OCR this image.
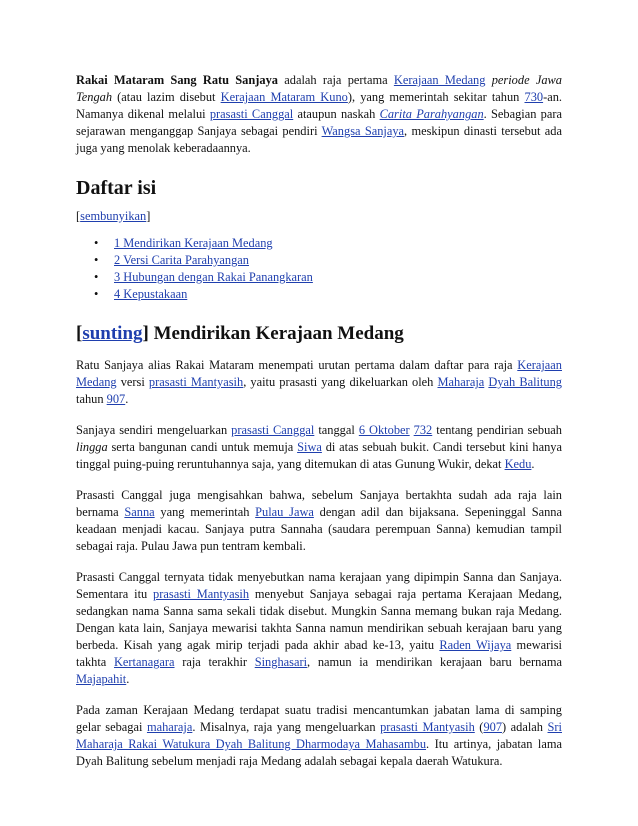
Rakai Mataram Sang Ratu Sanjaya adalah raja pertama Kerajaan Medang periode Jawa Tengah (atau lazim disebut Kerajaan Mataram Kuno), yang memerintah sekitar tahun 730-an. Namanya dikenal melalui prasasti Canggal ataupun naskah Carita Parahyangan. Sebagian para sejarawan menganggap Sanjaya sebagai pendiri Wangsa Sanjaya, meskipun dinasti tersebut ada juga yang menolak keberadaannya.

Daftar isi
[sembunyikan]
• 1 Mendirikan Kerajaan Medang
• 2 Versi Carita Parahyangan
• 3 Hubungan dengan Rakai Panangkaran
• 4 Kepustakaan
[sunting] Mendirikan Kerajaan Medang

Ratu Sanjaya alias Rakai Mataram menempati urutan pertama dalam daftar para raja Kerajaan Medang versi prasasti Mantyasih, yaitu prasasti yang dikeluarkan oleh Maharaja Dyah Balitung tahun 907.

Sanjaya sendiri mengeluarkan prasasti Canggal tanggal 6 Oktober 732 tentang pendirian sebuah lingga serta bangunan candi untuk memuja Siwa di atas sebuah bukit. Candi tersebut kini hanya tinggal puing-puing reruntuhannya saja, yang ditemukan di atas Gunung Wukir, dekat Kedu.

Prasasti Canggal juga mengisahkan bahwa, sebelum Sanjaya bertakhta sudah ada raja lain bernama Sanna yang memerintah Pulau Jawa dengan adil dan bijaksana. Sepeninggal Sanna keadaan menjadi kacau. Sanjaya putra Sannaha (saudara perempuan Sanna) kemudian tampil sebagai raja. Pulau Jawa pun tentram kembali.

Prasasti Canggal ternyata tidak menyebutkan nama kerajaan yang dipimpin Sanna dan Sanjaya. Sementara itu prasasti Mantyasih menyebut Sanjaya sebagai raja pertama Kerajaan Medang, sedangkan nama Sanna sama sekali tidak disebut. Mungkin Sanna memang bukan raja Medang. Dengan kata lain, Sanjaya mewarisi takhta Sanna namun mendirikan sebuah kerajaan baru yang berbeda. Kisah yang agak mirip terjadi pada akhir abad ke-13, yaitu Raden Wijaya mewarisi takhta Kertanagara raja terakhir Singhasari, namun ia mendirikan kerajaan baru bernama Majapahit.

Pada zaman Kerajaan Medang terdapat suatu tradisi mencantumkan jabatan lama di samping gelar sebagai maharaja. Misalnya, raja yang mengeluarkan prasasti Mantyasih (907) adalah Sri Maharaja Rakai Watukura Dyah Balitung Dharmodaya Mahasambu. Itu artinya, jabatan lama Dyah Balitung sebelum menjadi raja Medang adalah sebagai kepala daerah Watukura.
